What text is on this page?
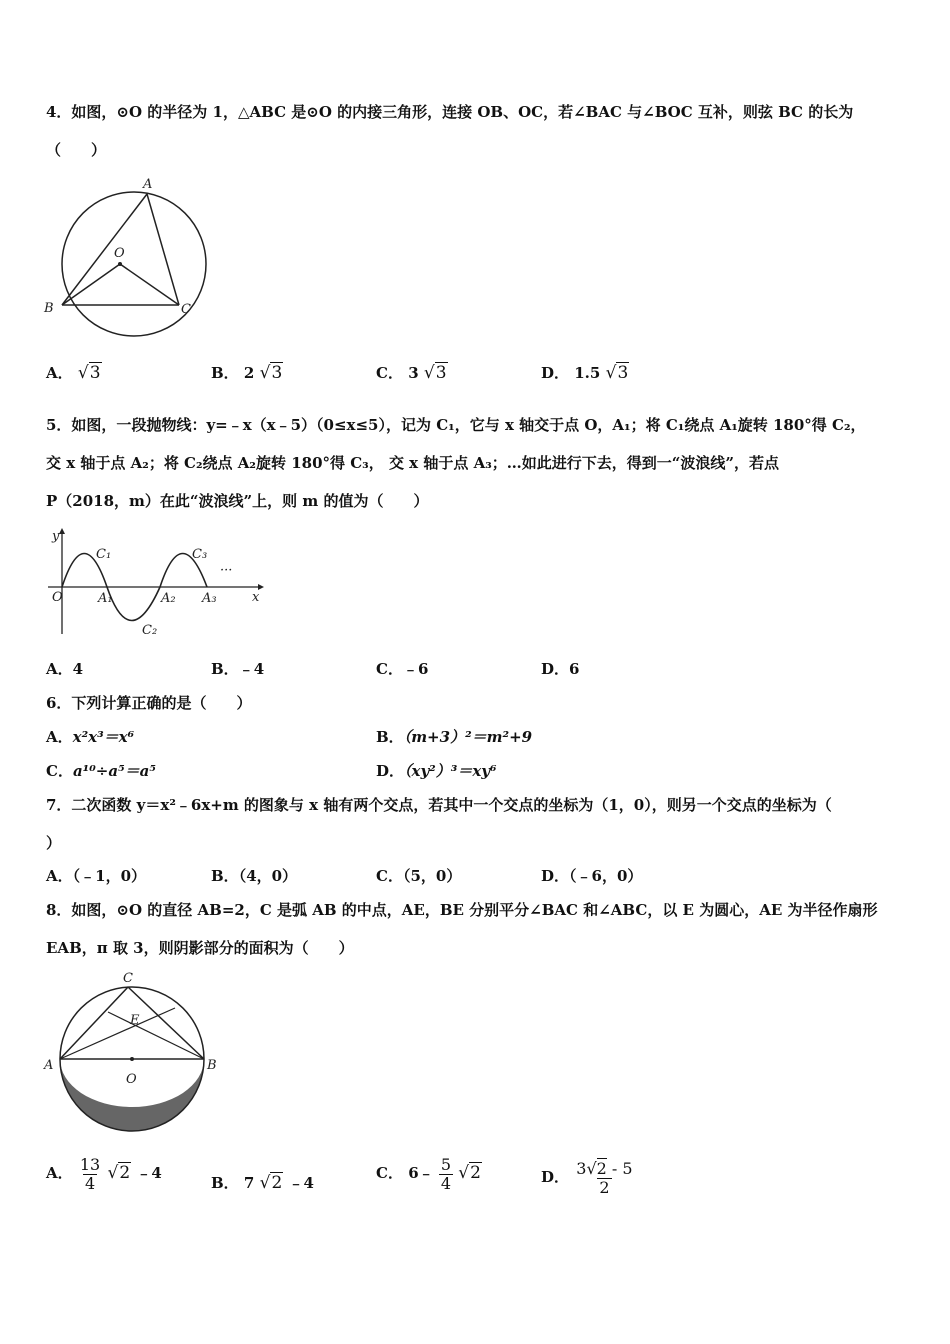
4．如图，⊙O 的半径为 1，△ABC 是⊙O 的内接三角形，连接 OB、OC，若∠BAC 与∠BOC 互补，则弦 BC 的长为
（　　）
A
O
B	C
A． √3	B． 2 √3	C． 3 √3	D． 1.5 √3
5．如图，一段抛物线：y=﹣x（x﹣5）（0≤x≤5），记为 C₁，它与 x 轴交于点 O，A₁；将 C₁绕点 A₁旋转 180°得 C₂，
交 x 轴于点 A₂；将 C₂绕点 A₂旋转 180°得 C₃， 交 x 轴于点 A₃；…如此进行下去，得到一“波浪线”，若点
P（2018，m）在此“波浪线”上，则 m 的值为（　　）
y
x
O	A₁	A₂ A₃
C₁
C₂
C₃
···
A．4	B．﹣4	C．﹣6	D．6
6．下列计算正确的是（　　）
A．x²x³＝x⁶	B．（m+3）²＝m²+9
C．a¹⁰÷a⁵＝a⁵	D．（xy²）³＝xy⁶
7．二次函数 y＝x²﹣6x+m 的图象与 x 轴有两个交点，若其中一个交点的坐标为（1，0），则另一个交点的坐标为（
）
A．（﹣1，0）	B．（4，0）	C．（5，0）	D．（﹣6，0）
8．如图，⊙O 的直径 AB=2，C 是弧 AB 的中点，AE，BE 分别平分∠BAC 和∠ABC，以 E 为圆心，AE 为半径作扇形
EAB，π 取 3，则阴影部分的面积为（　　）
C
E
A	B
O
A． $\frac{13}{4} √2$ ﹣4
B． 7 √2 ﹣4
C． 6﹣ $\frac{5}{4} √2$	D． $\frac{3√2 - 5}{2}$
